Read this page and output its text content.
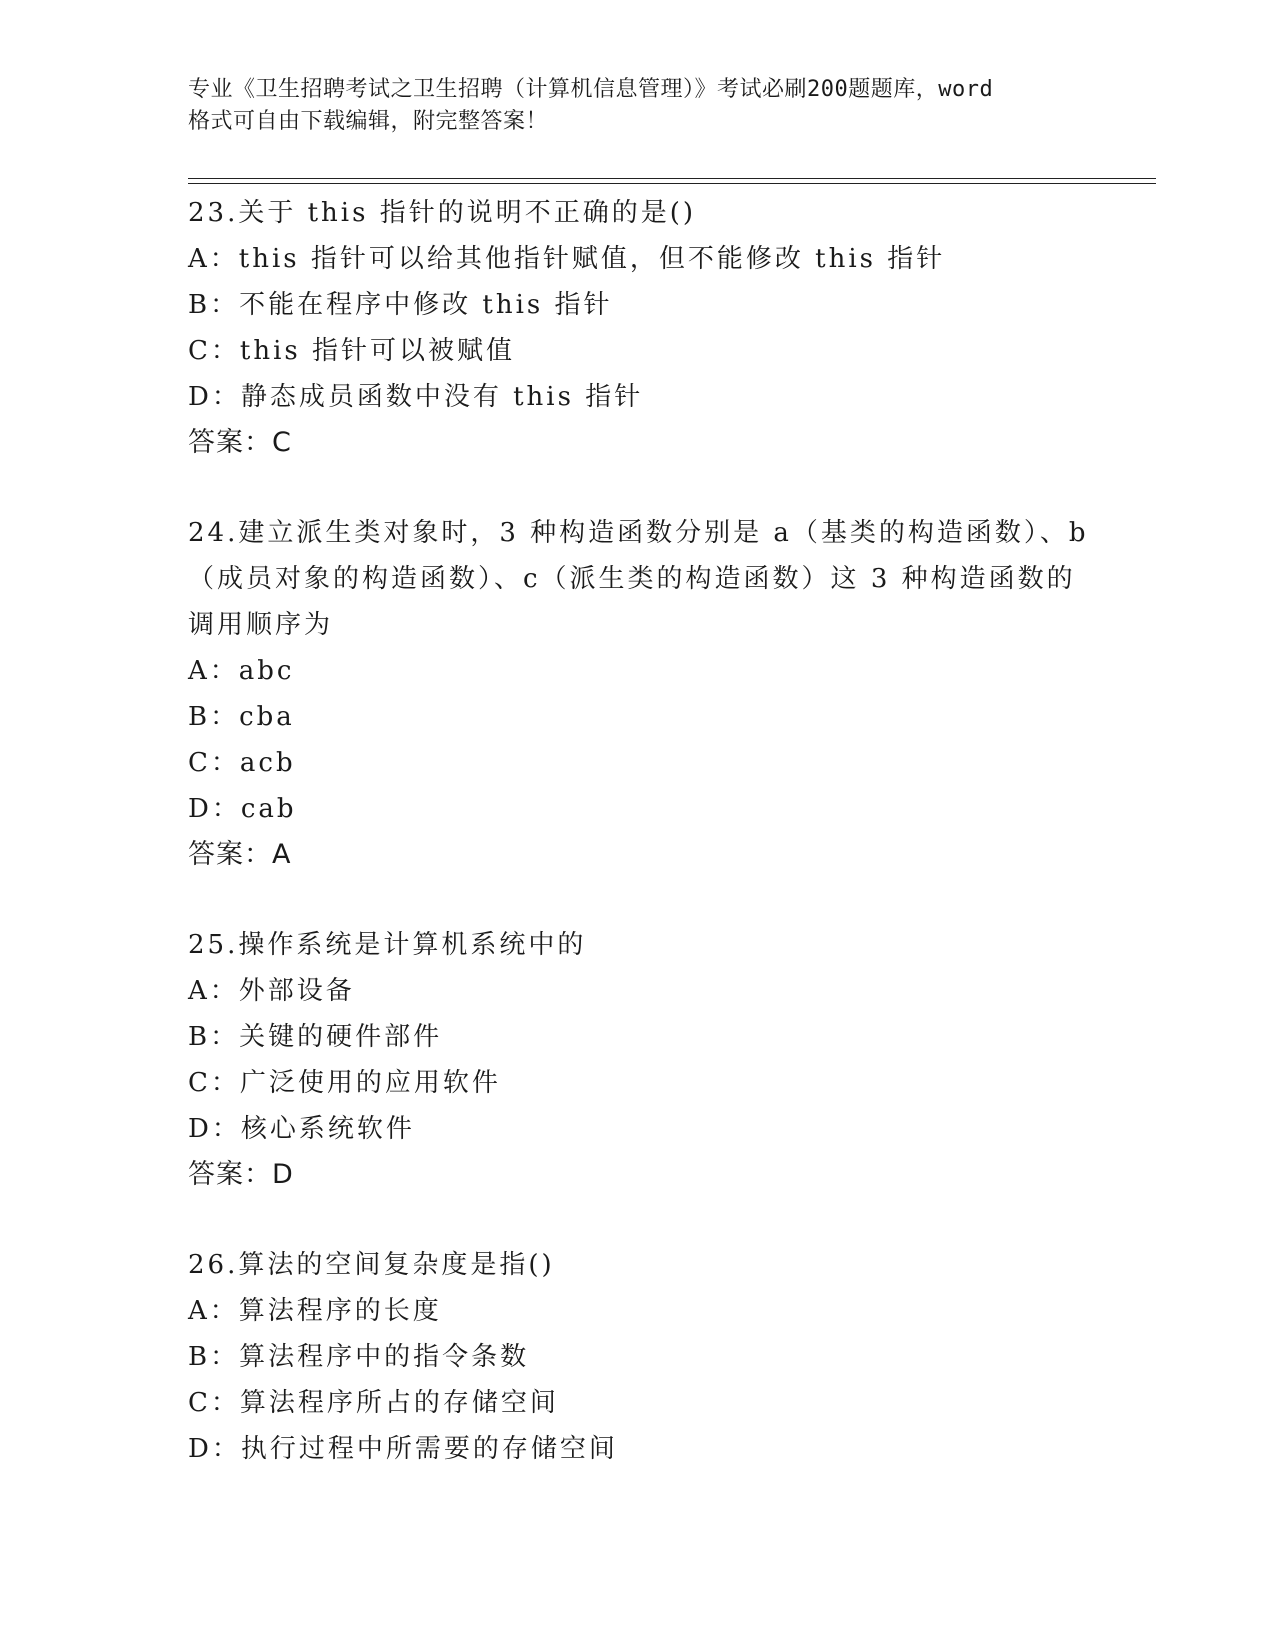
专业《卫生招聘考试之卫生招聘（计算机信息管理）》考试必刷200题题库，word
格式可自由下载编辑，附完整答案！
23.关于 this 指针的说明不正确的是()
A：this 指针可以给其他指针赋值，但不能修改 this 指针
B：不能在程序中修改 this 指针
C：this 指针可以被赋值
D：静态成员函数中没有 this 指针
答案：C
24.建立派生类对象时，3 种构造函数分别是 a（基类的构造函数）、b
（成员对象的构造函数）、c（派生类的构造函数）这 3 种构造函数的
调用顺序为
A：abc
B：cba
C：acb
D：cab
答案：A
25.操作系统是计算机系统中的
A：外部设备
B：关键的硬件部件
C：广泛使用的应用软件
D：核心系统软件
答案：D
26.算法的空间复杂度是指()
A：算法程序的长度
B：算法程序中的指令条数
C：算法程序所占的存储空间
D：执行过程中所需要的存储空间
